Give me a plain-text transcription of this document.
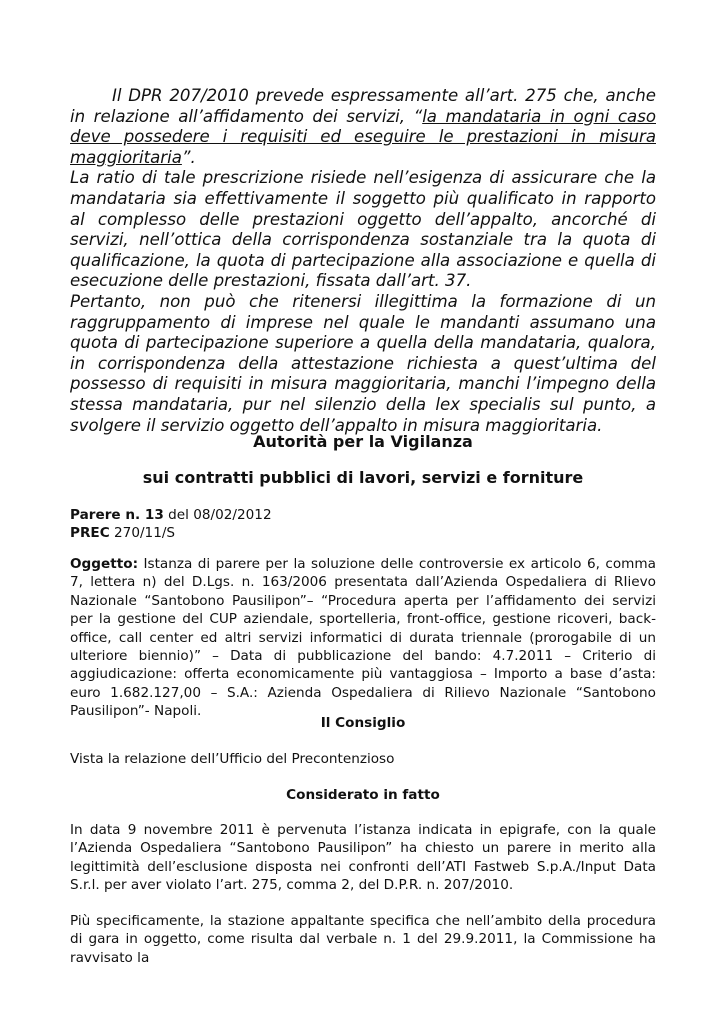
Il DPR 207/2010 prevede espressamente all’art. 275 che, anche in relazione all’affidamento dei servizi, “la mandataria in ogni caso deve possedere i requisiti ed eseguire le prestazioni in misura maggioritaria”.

La ratio di tale prescrizione risiede nell’esigenza di assicurare che la mandataria sia effettivamente il soggetto più qualificato in rapporto al complesso delle prestazioni oggetto dell’appalto, ancorché di servizi, nell’ottica della corrispondenza sostanziale tra la quota di qualificazione, la quota di partecipazione alla associazione e quella di esecuzione delle prestazioni, fissata dall’art. 37.

Pertanto, non può che ritenersi illegittima la formazione di un raggruppamento di imprese nel quale le mandanti assumano una quota di partecipazione superiore a quella della mandataria, qualora, in corrispondenza della attestazione richiesta a quest’ultima del possesso di requisiti in misura maggioritaria, manchi l’impegno della stessa mandataria, pur nel silenzio della lex specialis sul punto, a svolgere il servizio oggetto dell’appalto in misura maggioritaria.

Autorità per la Vigilanza
sui contratti pubblici di lavori, servizi e forniture

Parere n. 13 del 08/02/2012

PREC 270/11/S

Oggetto: Istanza di parere per la soluzione delle controversie ex articolo 6, comma 7, lettera n) del D.Lgs. n. 163/2006 presentata dall’Azienda Ospedaliera di RIievo Nazionale “Santobono Pausilipon”– “Procedura aperta per l’affidamento dei servizi per la gestione del CUP aziendale, sportelleria, front-office, gestione ricoveri, back-office, call center ed altri servizi informatici di durata triennale (prorogabile di un ulteriore biennio)” – Data di pubblicazione del bando: 4.7.2011 – Criterio di aggiudicazione: offerta economicamente più vantaggiosa – Importo a base d’asta: euro 1.682.127,00 – S.A.: Azienda Ospedaliera di Rilievo Nazionale “Santobono Pausilipon”- Napoli.

Il Consiglio
Vista la relazione dell’Ufficio del Precontenzioso
Considerato in fatto

In data 9 novembre 2011 è pervenuta l’istanza indicata in epigrafe, con la quale l’Azienda Ospedaliera “Santobono Pausilipon” ha chiesto un parere in merito alla legittimità dell’esclusione disposta nei confronti dell’ATI Fastweb S.p.A./Input Data S.r.l. per aver violato l’art. 275, comma 2, del D.P.R. n. 207/2010.

Più specificamente, la stazione appaltante specifica che nell’ambito della procedura di gara in oggetto, come risulta dal verbale n. 1 del 29.9.2011, la Commissione ha ravvisato la
